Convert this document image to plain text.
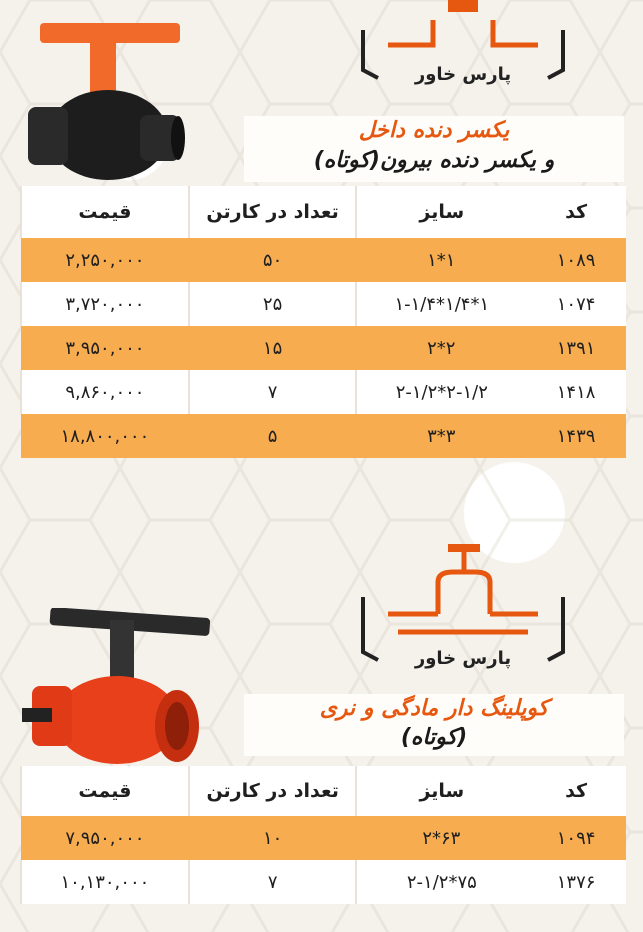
پارس خاور
یکسر دنده داخل
و یکسر دنده بیرون(کوتاه)
کد	سایز	تعداد در کارتن	قیمت
۱۰۸۹	۱*۱	۵۰	۲,۲۵۰,۰۰۰
۱۰۷۴	۱*۱/۴*۱-۱/۴	۲۵	۳,۷۲۰,۰۰۰
۱۳۹۱	۲*۲	۱۵	۳,۹۵۰,۰۰۰
۱۴۱۸	۲-۱/۲*۲-۱/۲	۷	۹,۸۶۰,۰۰۰
۱۴۳۹	۳*۳	۵	۱۸,۸۰۰,۰۰۰
پارس خاور
کوپلینگ دار مادگی و نری
(کوتاه)
کد	سایز	تعداد در کارتن	قیمت
۱۰۹۴	۶۳*۲	۱۰	۷,۹۵۰,۰۰۰
۱۳۷۶	۷۵*۲-۱/۲	۷	۱۰,۱۳۰,۰۰۰
